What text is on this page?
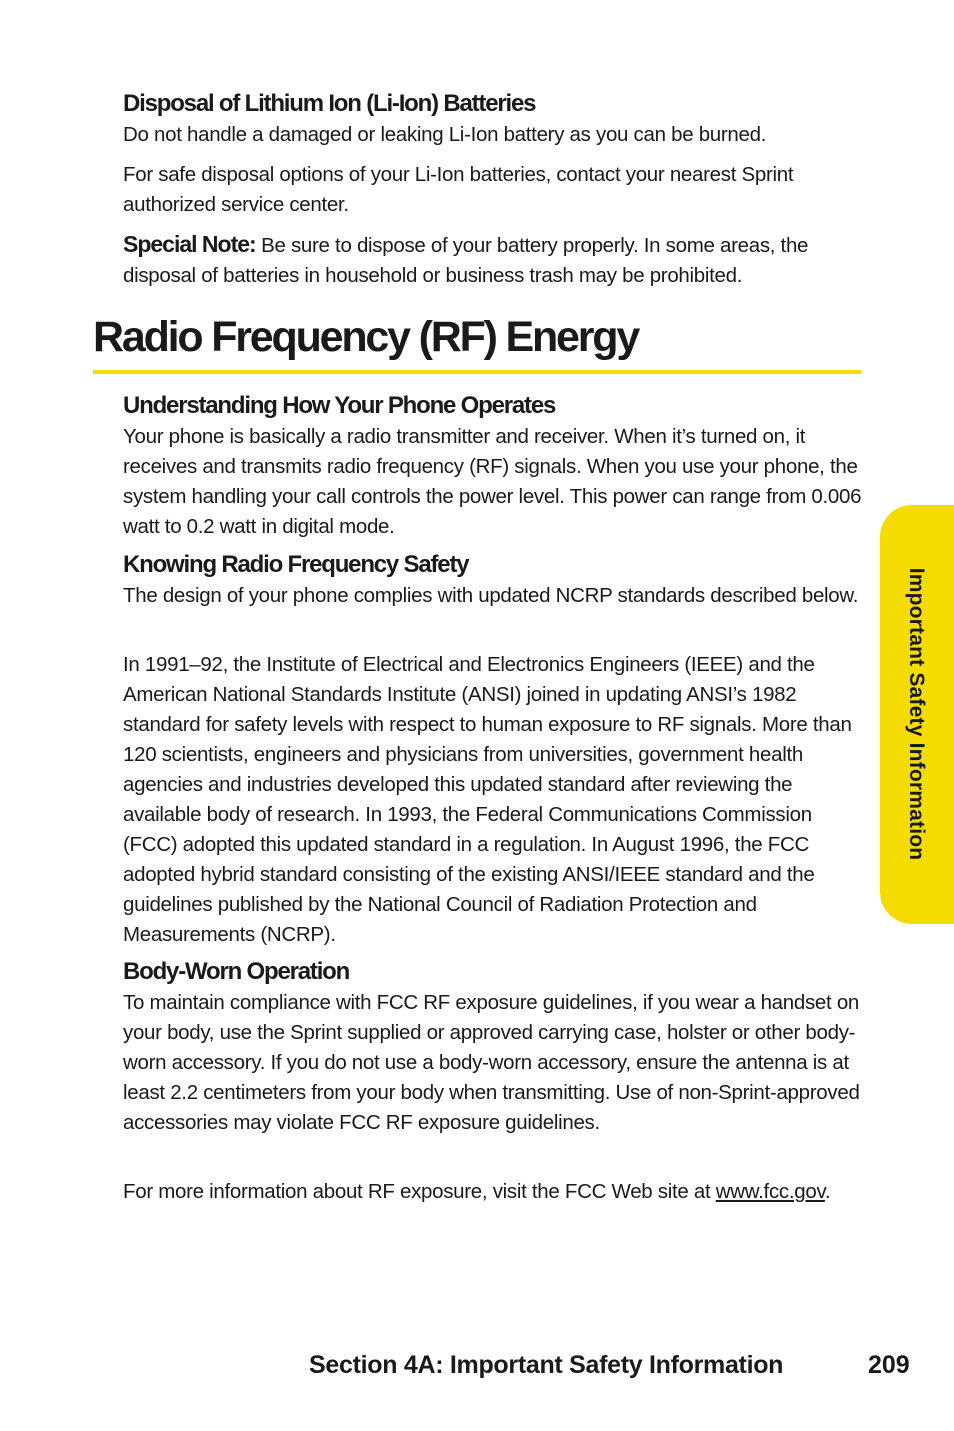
Disposal of Lithium Ion (Li-Ion) Batteries

Do not handle a damaged or leaking Li-Ion battery as you can be burned.

For safe disposal options of your Li-Ion batteries, contact your nearest Sprint authorized service center.

Special Note: Be sure to dispose of your battery properly. In some areas, the disposal of batteries in household or business trash may be prohibited.

Radio Frequency (RF) Energy
Understanding How Your Phone Operates

Your phone is basically a radio transmitter and receiver. When it’s turned on, it receives and transmits radio frequency (RF) signals. When you use your phone, the system handling your call controls the power level. This power can range from 0.006 watt to 0.2 watt in digital mode.

Knowing Radio Frequency Safety

The design of your phone complies with updated NCRP standards described below.

In 1991–92, the Institute of Electrical and Electronics Engineers (IEEE) and the American National Standards Institute (ANSI) joined in updating ANSI’s 1982 standard for safety levels with respect to human exposure to RF signals. More than 120 scientists, engineers and physicians from universities, government health agencies and industries developed this updated standard after reviewing the available body of research. In 1993, the Federal Communications Commission (FCC) adopted this updated standard in a regulation. In August 1996, the FCC adopted hybrid standard consisting of the existing ANSI/IEEE standard and the guidelines published by the National Council of Radiation Protection and Measurements (NCRP).

Body-Worn Operation

To maintain compliance with FCC RF exposure guidelines, if you wear a handset on your body, use the Sprint supplied or approved carrying case, holster or other body-worn accessory. If you do not use a body-worn accessory, ensure the antenna is at least 2.2 centimeters from your body when transmitting. Use of non-Sprint-approved accessories may violate FCC RF exposure guidelines.

For more information about RF exposure, visit the FCC Web site at www.fcc.gov.

Important Safety Information

Section 4A: Important Safety Information	209
